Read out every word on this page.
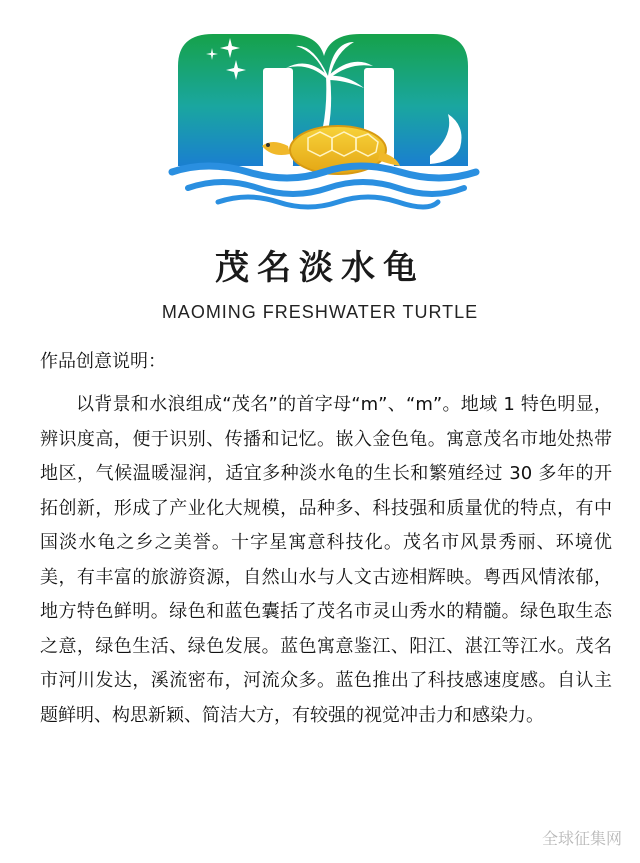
茂名淡水龟
MAOMING FRESHWATER TURTLE
作品创意说明：

以背景和水浪组成“茂名”的首字母“m”、“m”。地域 1 特色明显，辨识度高，便于识别、传播和记忆。嵌入金色龟。寓意茂名市地处热带地区，气候温暖湿润，适宜多种淡水龟的生长和繁殖经过 30 多年的开拓创新，形成了产业化大规模，品种多、科技强和质量优的特点，有中国淡水龟之乡之美誉。十字星寓意科技化。茂名市风景秀丽、环境优美，有丰富的旅游资源，自然山水与人文古迹相辉映。粤西风情浓郁，地方特色鲜明。绿色和蓝色囊括了茂名市灵山秀水的精髓。绿色取生态之意，绿色生活、绿色发展。蓝色寓意鉴江、阳江、湛江等江水。茂名市河川发达，溪流密布，河流众多。蓝色推出了科技感速度感。自认主题鲜明、构思新颖、简洁大方，有较强的视觉冲击力和感染力。

全球征集网
